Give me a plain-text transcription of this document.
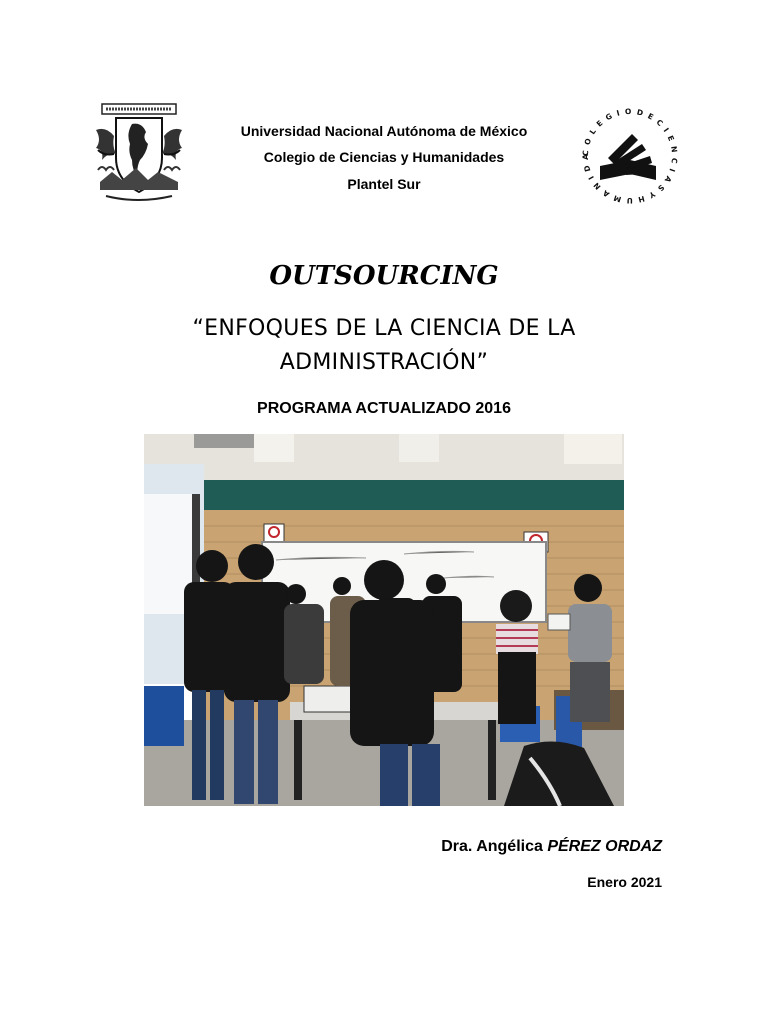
Universidad Nacional Autónoma de México
Colegio de Ciencias y Humanidades
Plantel Sur
C O L E G I O D E C I E N C I A S Y H U M A N I D A
OUTSOURCING
“ENFOQUES DE LA CIENCIA DE LA
ADMINISTRACIÓN”
PROGRAMA ACTUALIZADO 2016
Dra. Angélica PÉREZ ORDAZ
Enero 2021
